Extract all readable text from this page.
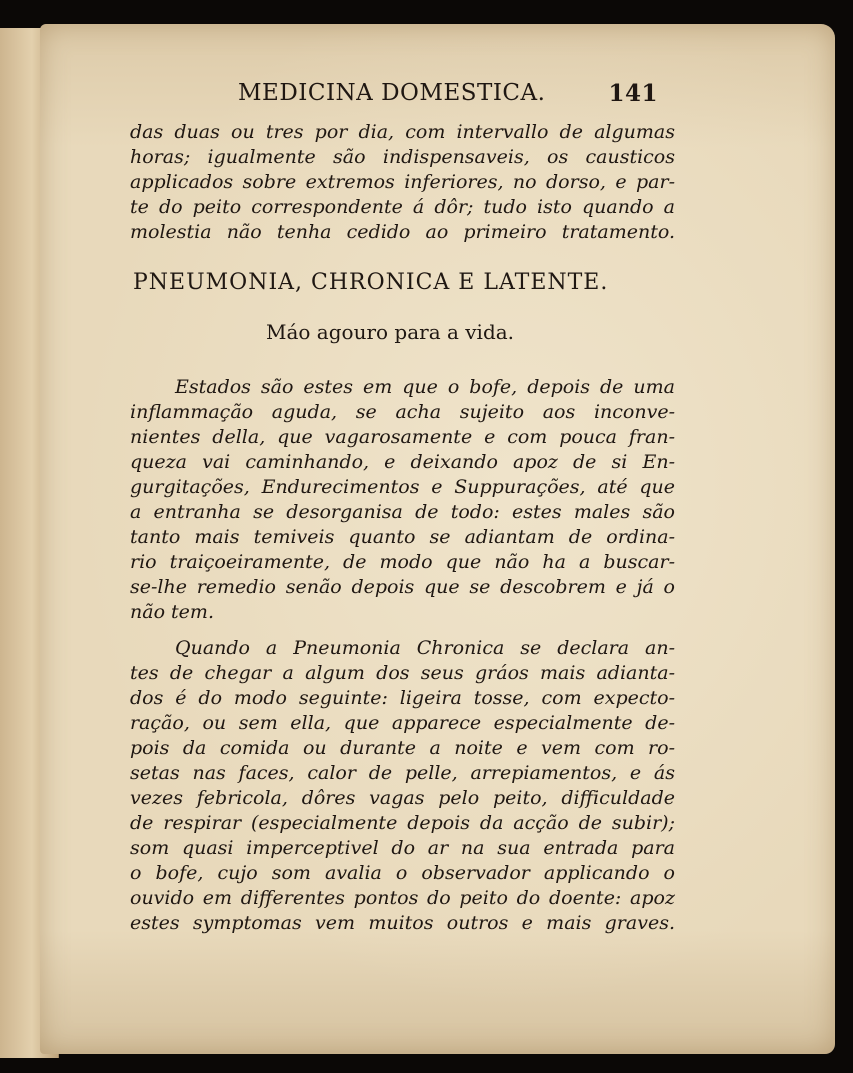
MEDICINA DOMESTICA.	141
das duas ou tres por dia, com intervallo de algumas
horas; igualmente são indispensaveis, os causticos
applicados sobre extremos inferiores, no dorso, e par-
te do peito correspondente á dôr; tudo isto quando a
molestia não tenha cedido ao primeiro tratamento.
PNEUMONIA, CHRONICA E LATENTE.
Máo agouro para a vida.
Estados são estes em que o bofe, depois de uma
inflammação aguda, se acha sujeito aos inconve-
nientes della, que vagarosamente e com pouca fran-
queza vai caminhando, e deixando apoz de si En-
gurgitações, Endurecimentos e Suppurações, até que
a entranha se desorganisa de todo: estes males são
tanto mais temiveis quanto se adiantam de ordina-
rio traiçoeiramente, de modo que não ha a buscar-
se-lhe remedio senão depois que se descobrem e já o
não tem.
Quando a Pneumonia Chronica se declara an-
tes de chegar a algum dos seus gráos mais adianta-
dos é do modo seguinte: ligeira tosse, com expecto-
ração, ou sem ella, que apparece especialmente de-
pois da comida ou durante a noite e vem com ro-
setas nas faces, calor de pelle, arrepiamentos, e ás
vezes febricola, dôres vagas pelo peito, difficuldade
de respirar (especialmente depois da acção de subir);
som quasi imperceptivel do ar na sua entrada para
o bofe, cujo som avalia o observador applicando o
ouvido em differentes pontos do peito do doente: apoz
estes symptomas vem muitos outros e mais graves.
